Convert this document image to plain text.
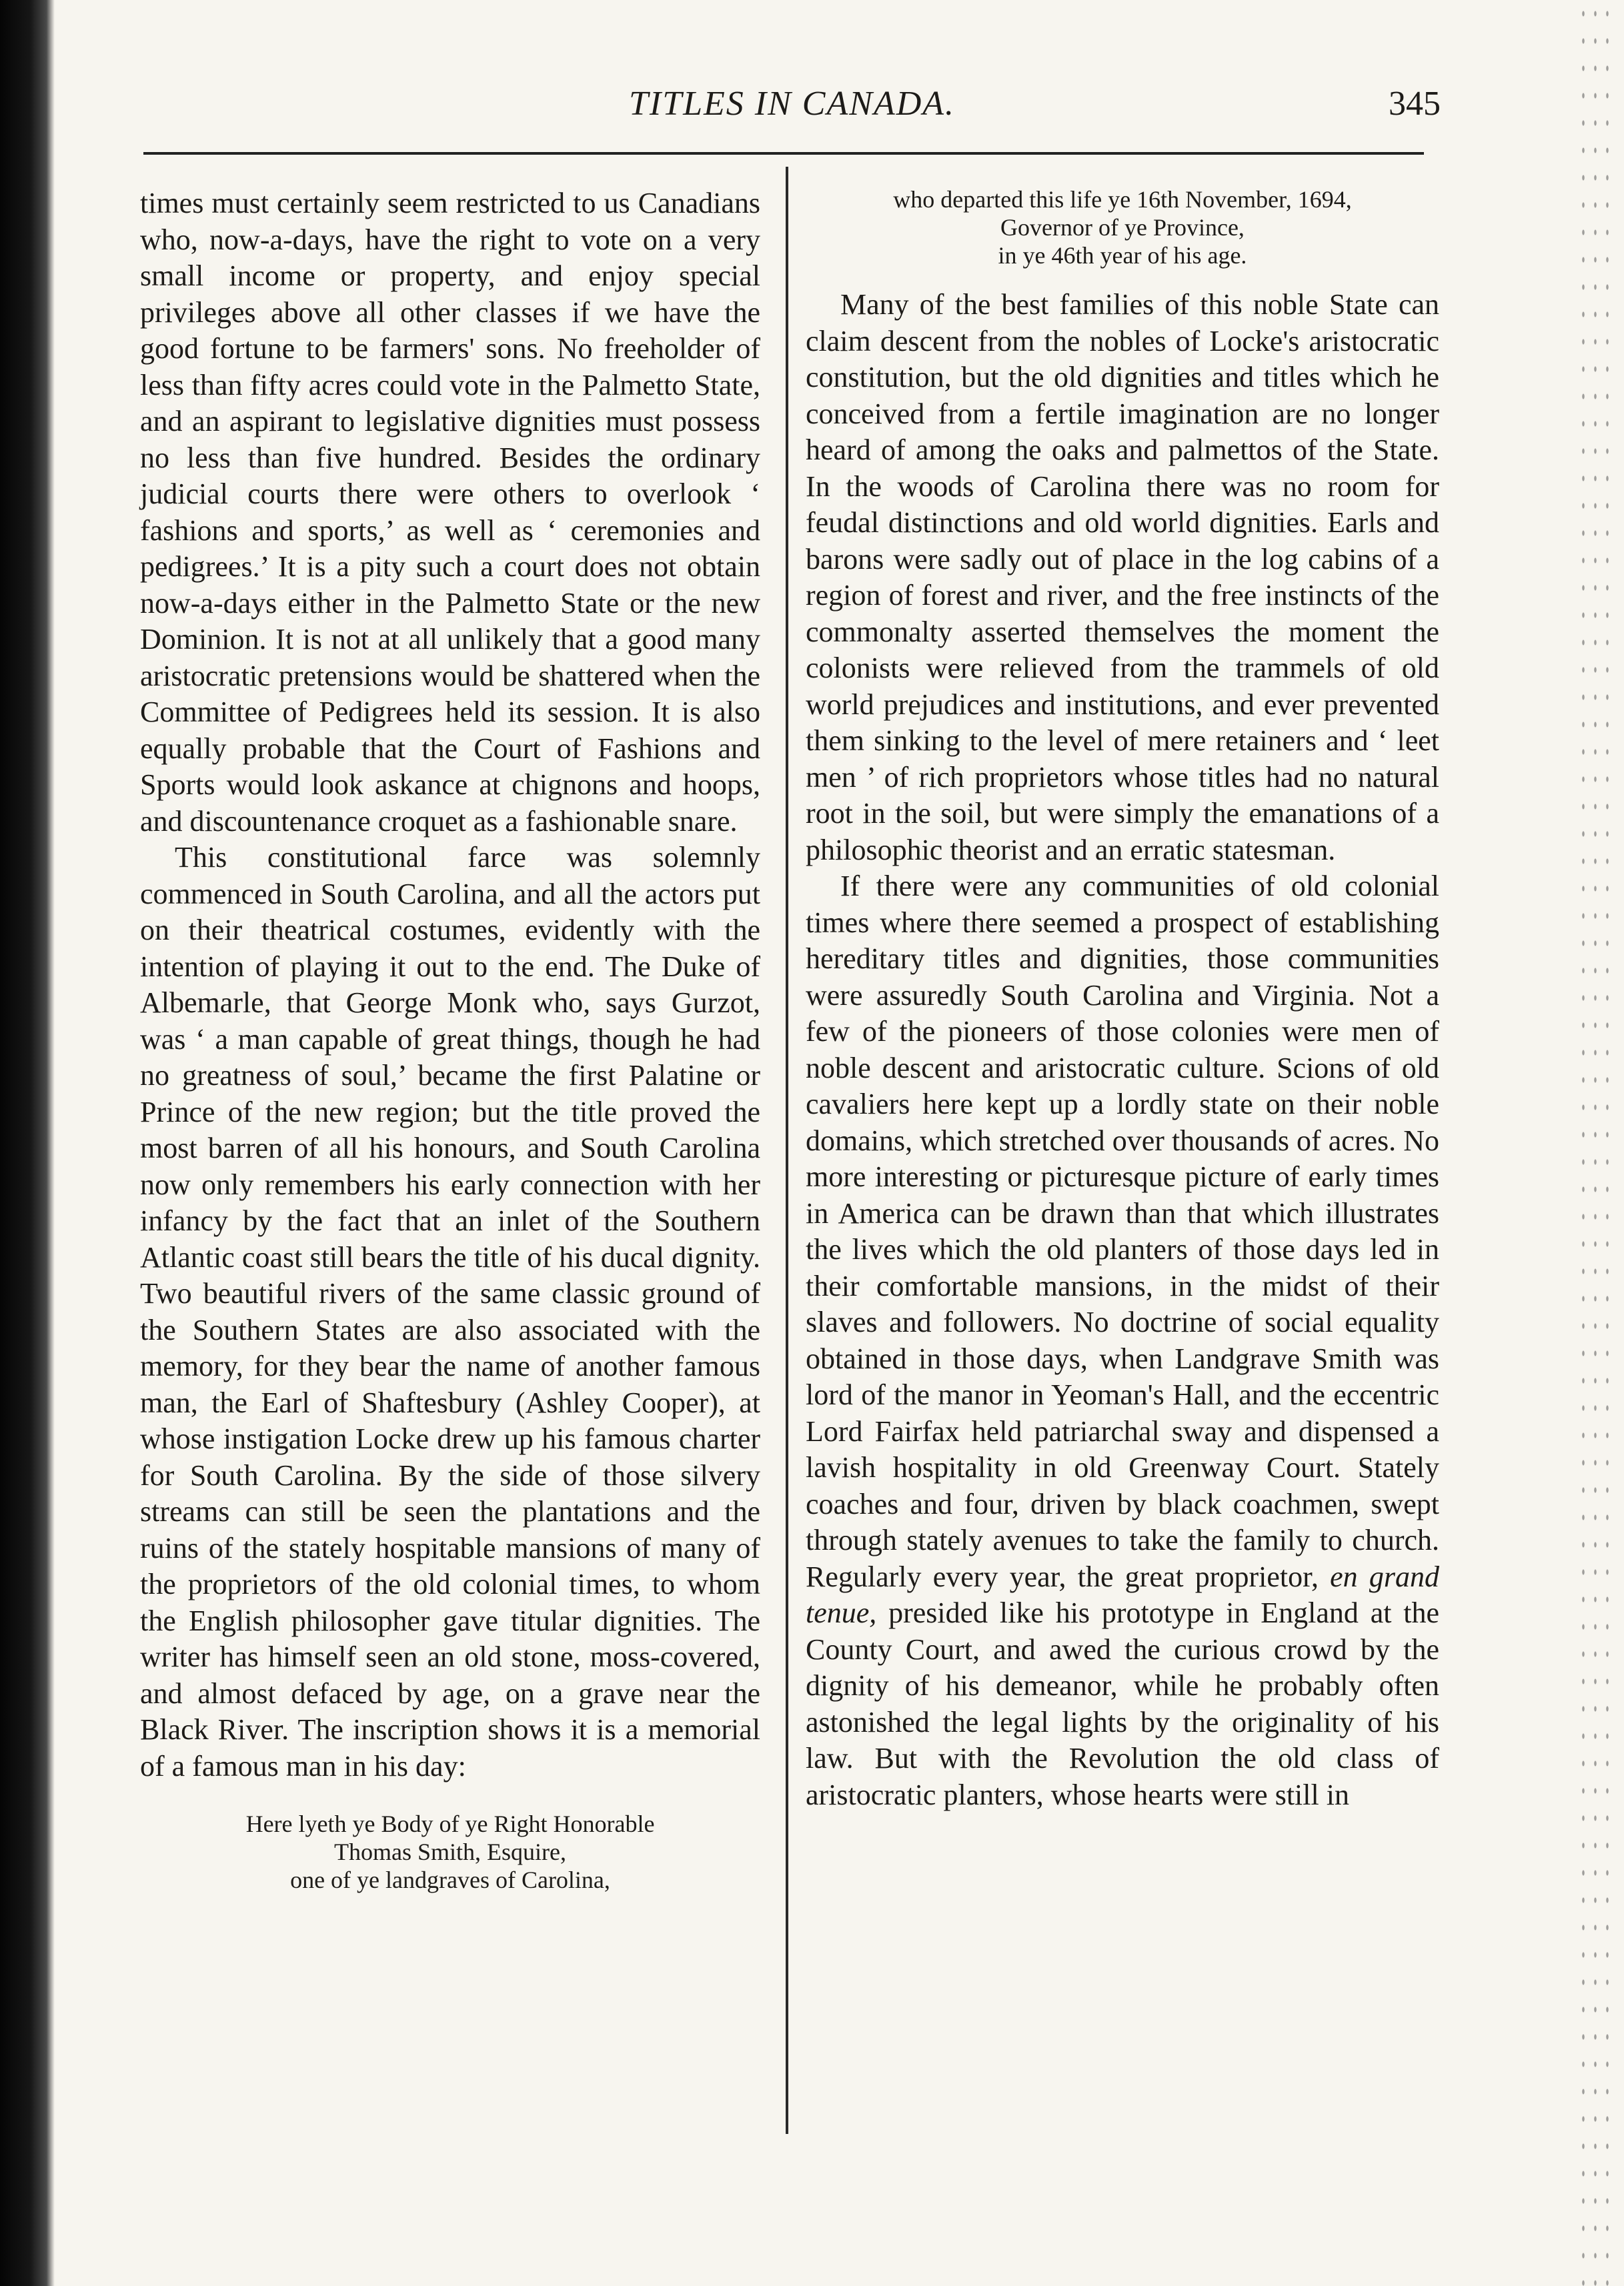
TITLES IN CANADA.	345

times must certainly seem restricted to us Canadians who, now-a-days, have the right to vote on a very small income or property, and enjoy special privileges above all other classes if we have the good fortune to be farmers' sons. No freeholder of less than fifty acres could vote in the Palmetto State, and an aspirant to legislative dignities must possess no less than five hundred. Besides the ordinary judicial courts there were others to overlook ‘ fashions and sports,’ as well as ‘ ceremonies and pedigrees.’ It is a pity such a court does not obtain now-a-days either in the Palmetto State or the new Dominion. It is not at all unlikely that a good many aristocratic pretensions would be shattered when the Committee of Pedigrees held its session. It is also equally probable that the Court of Fashions and Sports would look askance at chignons and hoops, and discountenance croquet as a fashionable snare.

This constitutional farce was solemnly commenced in South Carolina, and all the actors put on their theatrical costumes, evidently with the intention of playing it out to the end. The Duke of Albemarle, that George Monk who, says Gurzot, was ‘ a man capable of great things, though he had no greatness of soul,’ became the first Palatine or Prince of the new region; but the title proved the most barren of all his honours, and South Carolina now only remembers his early connection with her infancy by the fact that an inlet of the Southern Atlantic coast still bears the title of his ducal dignity. Two beautiful rivers of the same classic ground of the Southern States are also associated with the memory, for they bear the name of another famous man, the Earl of Shaftesbury (Ashley Cooper), at whose instigation Locke drew up his famous charter for South Carolina. By the side of those silvery streams can still be seen the plantations and the ruins of the stately hospitable mansions of many of the proprietors of the old colonial times, to whom the English philosopher gave titular dignities. The writer has himself seen an old stone, moss-covered, and almost defaced by age, on a grave near the Black River. The inscription shows it is a memorial of a famous man in his day:

Here lyeth ye Body of ye Right Honorable
Thomas Smith, Esquire,
one of ye landgraves of Carolina,
who departed this life ye 16th November, 1694,
Governor of ye Province,
in ye 46th year of his age.

Many of the best families of this noble State can claim descent from the nobles of Locke's aristocratic constitution, but the old dignities and titles which he conceived from a fertile imagination are no longer heard of among the oaks and palmettos of the State. In the woods of Carolina there was no room for feudal distinctions and old world dignities. Earls and barons were sadly out of place in the log cabins of a region of forest and river, and the free instincts of the commonalty asserted themselves the moment the colonists were relieved from the trammels of old world prejudices and institutions, and ever prevented them sinking to the level of mere retainers and ‘ leet men ’ of rich proprietors whose titles had no natural root in the soil, but were simply the emanations of a philosophic theorist and an erratic statesman.

If there were any communities of old colonial times where there seemed a prospect of establishing hereditary titles and dignities, those communities were assuredly South Carolina and Virginia. Not a few of the pioneers of those colonies were men of noble descent and aristocratic culture. Scions of old cavaliers here kept up a lordly state on their noble domains, which stretched over thousands of acres. No more interesting or picturesque picture of early times in America can be drawn than that which illustrates the lives which the old planters of those days led in their comfortable mansions, in the midst of their slaves and followers. No doctrine of social equality obtained in those days, when Landgrave Smith was lord of the manor in Yeoman's Hall, and the eccentric Lord Fairfax held patriarchal sway and dispensed a lavish hospitality in old Greenway Court. Stately coaches and four, driven by black coachmen, swept through stately avenues to take the family to church. Regularly every year, the great proprietor, en grand tenue, presided like his prototype in England at the County Court, and awed the curious crowd by the dignity of his demeanor, while he probably often astonished the legal lights by the originality of his law. But with the Revolution the old class of aristocratic planters, whose hearts were still in
